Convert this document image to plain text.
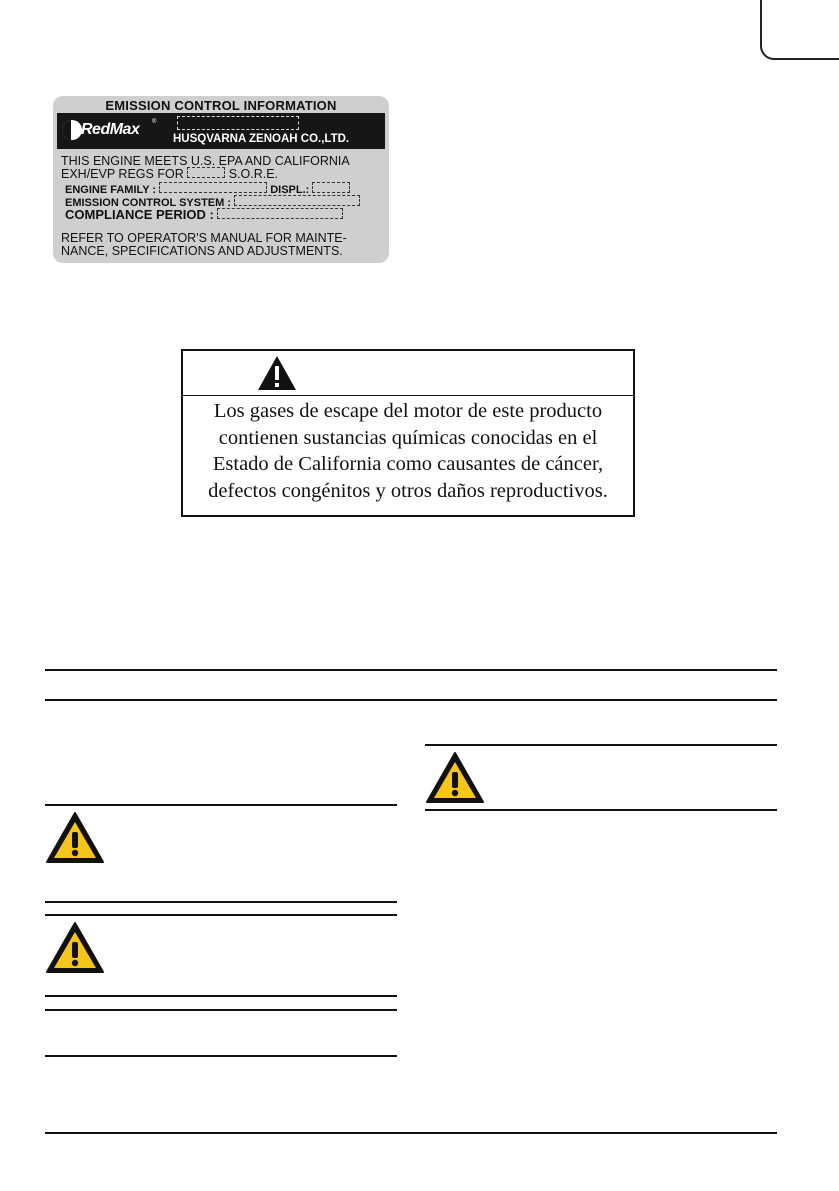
EMISSION CONTROL INFORMATION
RedMax ®
HUSQVARNA ZENOAH CO.,LTD.
THIS ENGINE MEETS U.S. EPA AND CALIFORNIA
EXH/EVP REGS FOR	S.O.R.E.
ENGINE FAMILY :	DISPL.:
EMISSION CONTROL SYSTEM :
COMPLIANCE PERIOD :
REFER TO OPERATOR'S MANUAL FOR MAINTE-
NANCE, SPECIFICATIONS AND ADJUSTMENTS.
Los gases de escape del motor de este producto
contienen sustancias químicas conocidas en el
Estado de California como causantes de cáncer,
defectos congénitos y otros daños reproductivos.
